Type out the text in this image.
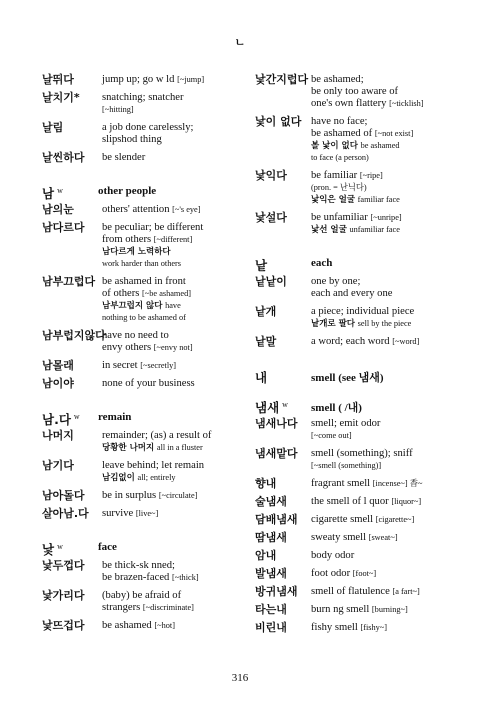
ㄴ
날뛰다	jump up; go w ld [~jump]
날치기* snatching; snatcher
[~hitting]
날림	a job done carelessly;
slipshod thing
날씬하다 be slender
남 $^w$	other people
남의눈	others' attention [~'s eye]
남다르다 be peculiar; be different
from others [~different]
남다르게 노력하다
work harder than others
남부끄럽다 be ashamed in front
of others [~be ashamed]
남부끄럽지 않다 have
nothing to be ashamed of
남부럽지않다
have no need to
envy others [~envy not]
남몰래	in secret [~secretly]
남이야	none of your business
남.다 $^w$ remain
나머지	remainder; (as) a result of
당황한 나머지 all in a fluster
남기다	leave behind; let remain
남김없이 all; entirely
남아돌다 be in surplus [~circulate]
살아남.다 survive [live~]
낯 $^w$	face
낯두껍다 be thick-sk nned;
be brazen-faced [~thick]
낯가리다 (baby) be afraid of
strangers [~discriminate]
낯뜨겁다 be ashamed [~hot]
낯간지럽다 be ashamed;
be only too aware of
one's own flattery [~ticklish]
낯이 없다 have no face;
be ashamed of [~not exist]
볼 낯이 없다 be ashamed
to face (a person)
낯익다 be familiar [~ripe]
(pron. = 난닉다)
낯익은 얼굴 familiar face
낯설다 be unfamiliar [~unripe]
낯선 얼굴 unfamiliar face
낱	each
낱낱이 one by one;
each and every one
낱개	a piece; individual piece
낱개로 팔다 sell by the piece
낱말	a word; each word [~word]
내	smell (see 냄새)
냄새 $^w$ smell ( /내)
냄새나다 smell; emit odor
[~come out]
냄새맡다 smell (something); sniff
[~smell (something)]
향내	fragrant smell [incense~] 香~
술냄새 the smell of l quor [liquor~]
담배냄새 cigarette smell [cigarette~]
땀냄새 sweaty smell [sweat~]
암내	body odor
발냄새 foot odor [foot~]
방귀냄새 smell of flatulence [a fart~]
타는내 burn ng smell [burning~]
비린내 fishy smell [fishy~]
316
